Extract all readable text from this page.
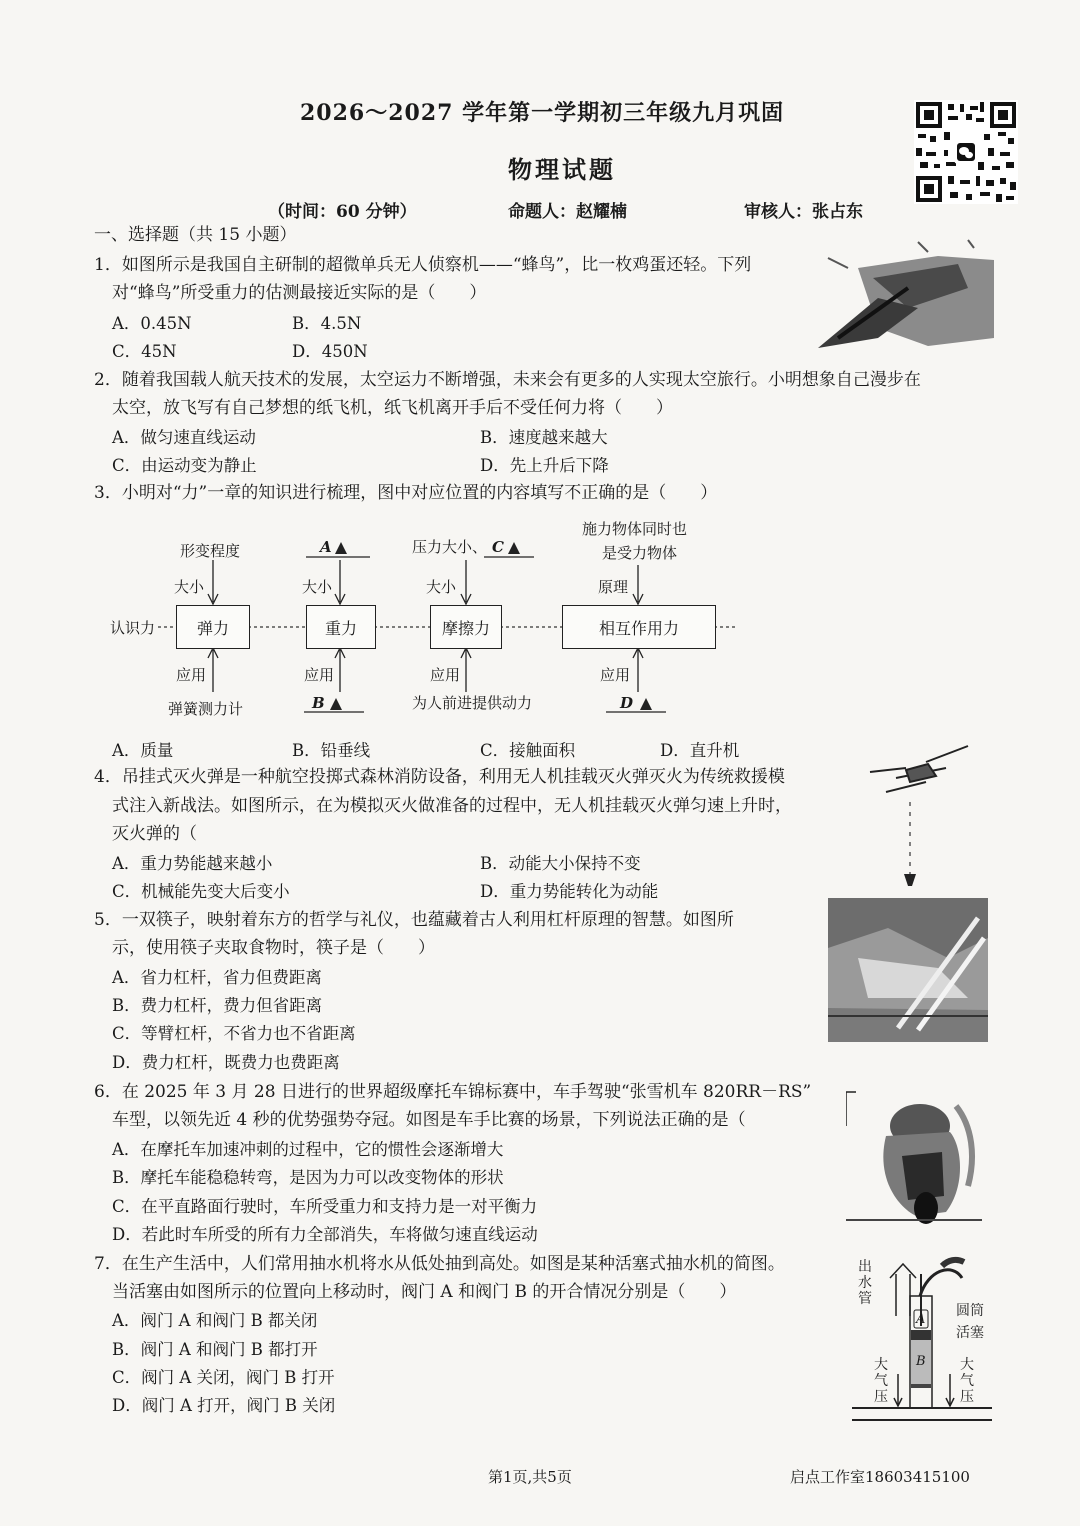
2026～2027 学年第一学期初三年级九月巩固
物理试题
（时间：60 分钟）	命题人：赵耀楠	审核人：张占东
一、选择题（共 15 小题）
1．如图所示是我国自主研制的超微单兵无人侦察机——“蜂鸟”，比一枚鸡蛋还轻。下列
对“蜂鸟”所受重力的估测最接近实际的是（　　）
A．0.45N	B．4.5N
C．45N	D．450N
2．随着我国载人航天技术的发展，太空运力不断增强，未来会有更多的人实现太空旅行。小明想象自己漫步在
太空，放飞写有自己梦想的纸飞机，纸飞机离开手后不受任何力将（　　）
A．做匀速直线运动	B．速度越来越大
C．由运动变为静止	D．先上升后下降
3．小明对“力”一章的知识进行梳理，图中对应位置的内容填写不正确的是（　　）
认识力	弹力	重力	摩擦力	相互作用力
形变程度	A	压力大小、 C
施力物体同时也
是受力物体
大小	大小	大小	原理
应用	应用	应用	应用
弹簧测力计	B	为人前进提供动力	D
A．质量	B．铅垂线	C．接触面积	D．直升机
4．吊挂式灭火弹是一种航空投掷式森林消防设备，利用无人机挂载灭火弹灭火为传统救援模
式注入新战法。如图所示，在为模拟灭火做准备的过程中，无人机挂载灭火弹匀速上升时，
灭火弹的（
A．重力势能越来越小	B．动能大小保持不变
C．机械能先变大后变小	D．重力势能转化为动能
5．一双筷子，映射着东方的哲学与礼仪，也蕴藏着古人利用杠杆原理的智慧。如图所
示，使用筷子夹取食物时，筷子是（　　）
A．省力杠杆，省力但费距离
B．费力杠杆，费力但省距离
C．等臂杠杆，不省力也不省距离
D．费力杠杆，既费力也费距离
6．在 2025 年 3 月 28 日进行的世界超级摩托车锦标赛中，车手驾驶“张雪机车 820RR－RS”
车型，以领先近 4 秒的优势强势夺冠。如图是车手比赛的场景，下列说法正确的是（
A．在摩托车加速冲刺的过程中，它的惯性会逐渐增大
B．摩托车能稳稳转弯，是因为力可以改变物体的形状
C．在平直路面行驶时，车所受重力和支持力是一对平衡力
D．若此时车所受的所有力全部消失，车将做匀速直线运动
7．在生产生活中，人们常用抽水机将水从低处抽到高处。如图是某种活塞式抽水机的简图。
当活塞由如图所示的位置向上移动时，阀门 A 和阀门 B 的开合情况分别是（　　）
A．阀门 A 和阀门 B 都关闭
B．阀门 A 和阀门 B 都打开
C．阀门 A 关闭，阀门 B 打开
D．阀门 A 打开，阀门 B 关闭
出
水
管
圆筒
活塞
A
B
大
气
压
大
气
压
第1页,共5页	启点工作室18603415100
